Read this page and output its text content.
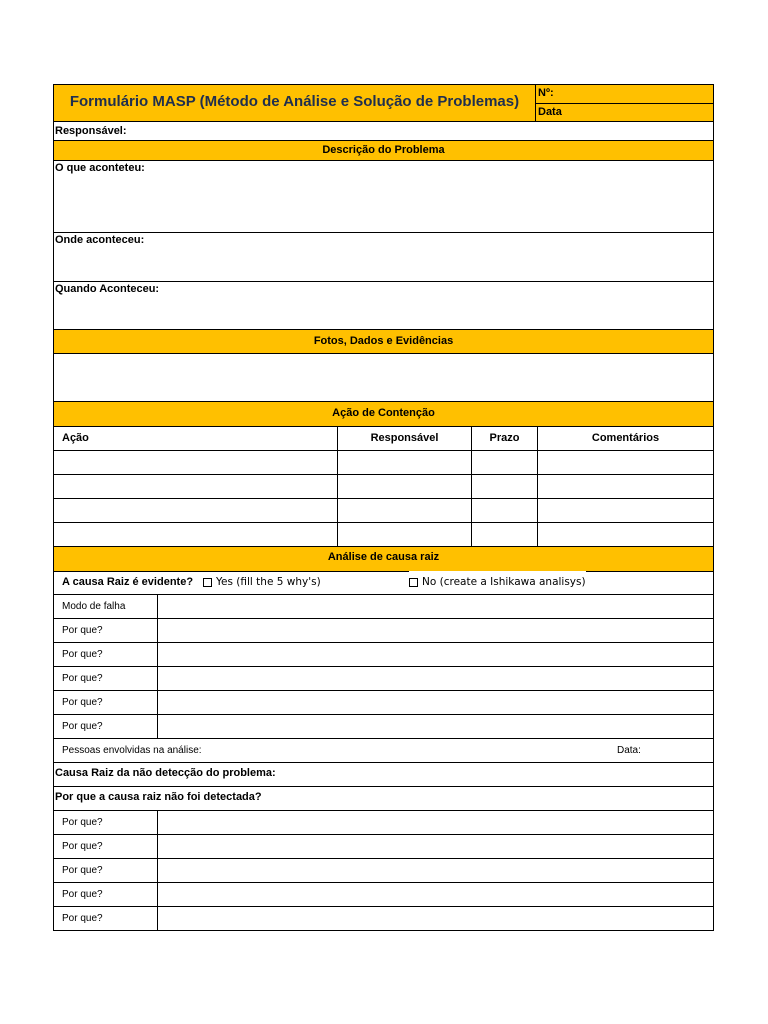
Formulário MASP (Método de Análise e Solução de Problemas)	Nº:
Data
Responsável:
Descrição do Problema
O que aconteteu:
Onde aconteceu:
Quando Aconteceu:
Fotos, Dados e Evidências
Ação de Contenção
Ação	Responsável	Prazo	Comentários
Análise de causa raiz
A causa Raiz é evidente?	Yes (fill the 5 why's)	No (create a Ishikawa analisys)
Modo de falha
Por que?
Por que?
Por que?
Por que?
Por que?
Pessoas envolvidas na análise:	Data:
Causa Raiz da não detecção do problema:
Por que a causa raiz não foi detectada?
Por que?
Por que?
Por que?
Por que?
Por que?
